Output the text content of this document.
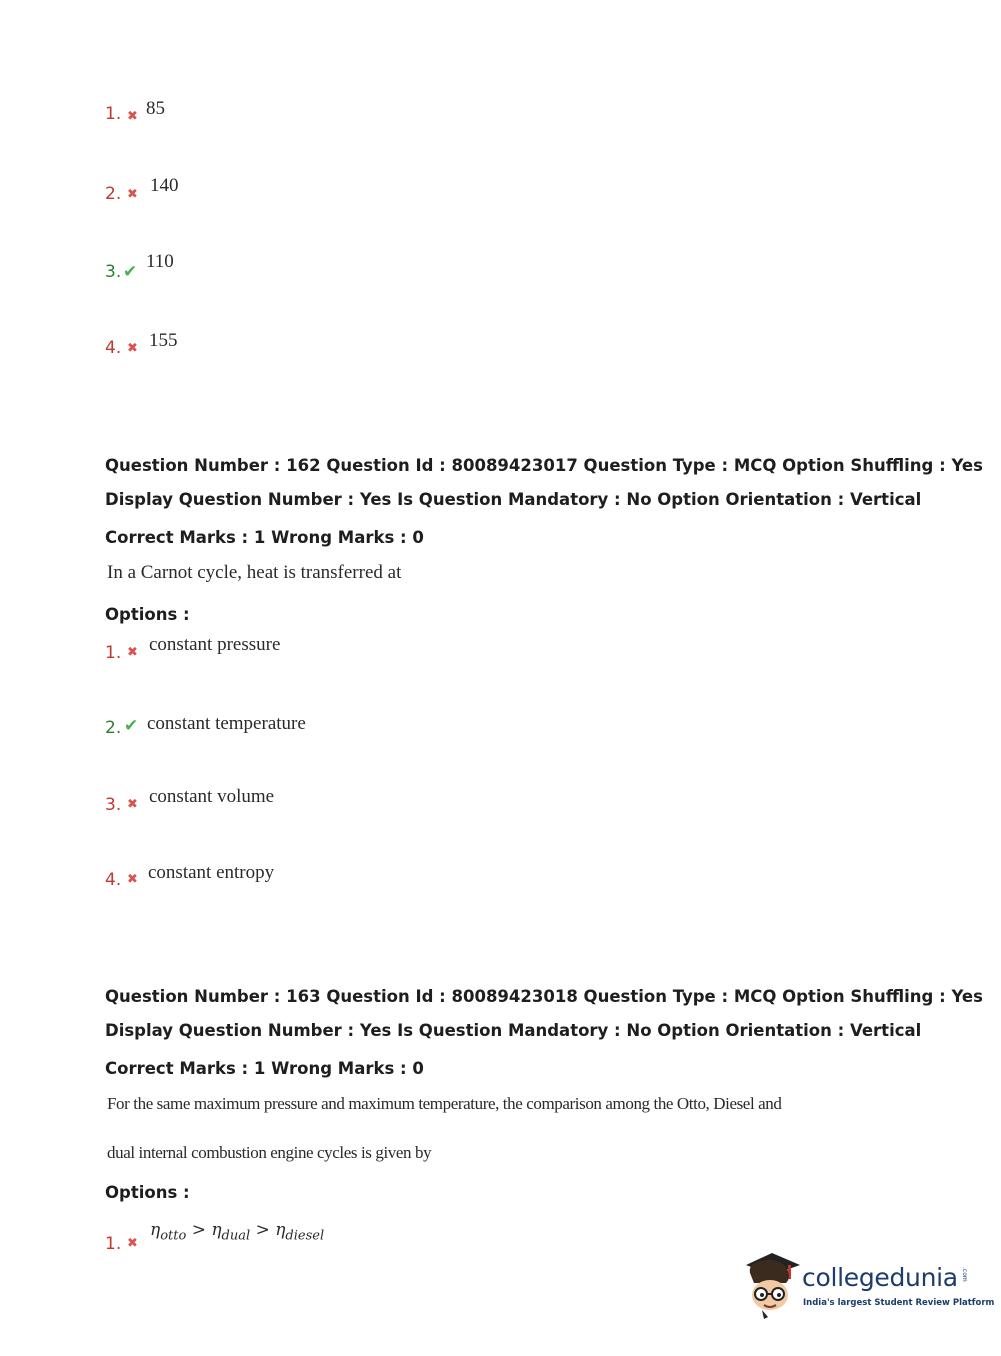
1. ✖ 85
2. ✖ 140
3. ✔ 110
4. ✖ 155
Question Number : 162 Question Id : 80089423017 Question Type : MCQ Option Shuffling : Yes
Display Question Number : Yes Is Question Mandatory : No Option Orientation : Vertical
Correct Marks : 1 Wrong Marks : 0
In a Carnot cycle, heat is transferred at
Options :
1. ✖ constant pressure
2. ✔ constant temperature
3. ✖ constant volume
4. ✖ constant entropy
Question Number : 163 Question Id : 80089423018 Question Type : MCQ Option Shuffling : Yes
Display Question Number : Yes Is Question Mandatory : No Option Orientation : Vertical
Correct Marks : 1 Wrong Marks : 0
For the same maximum pressure and maximum temperature, the comparison among the Otto, Diesel and
dual internal combustion engine cycles is given by
Options :
1. ✖
$\eta_{otto} > \eta_{dual} > \eta_{diesel}$
collegedunia .com
India's largest Student Review Platform
